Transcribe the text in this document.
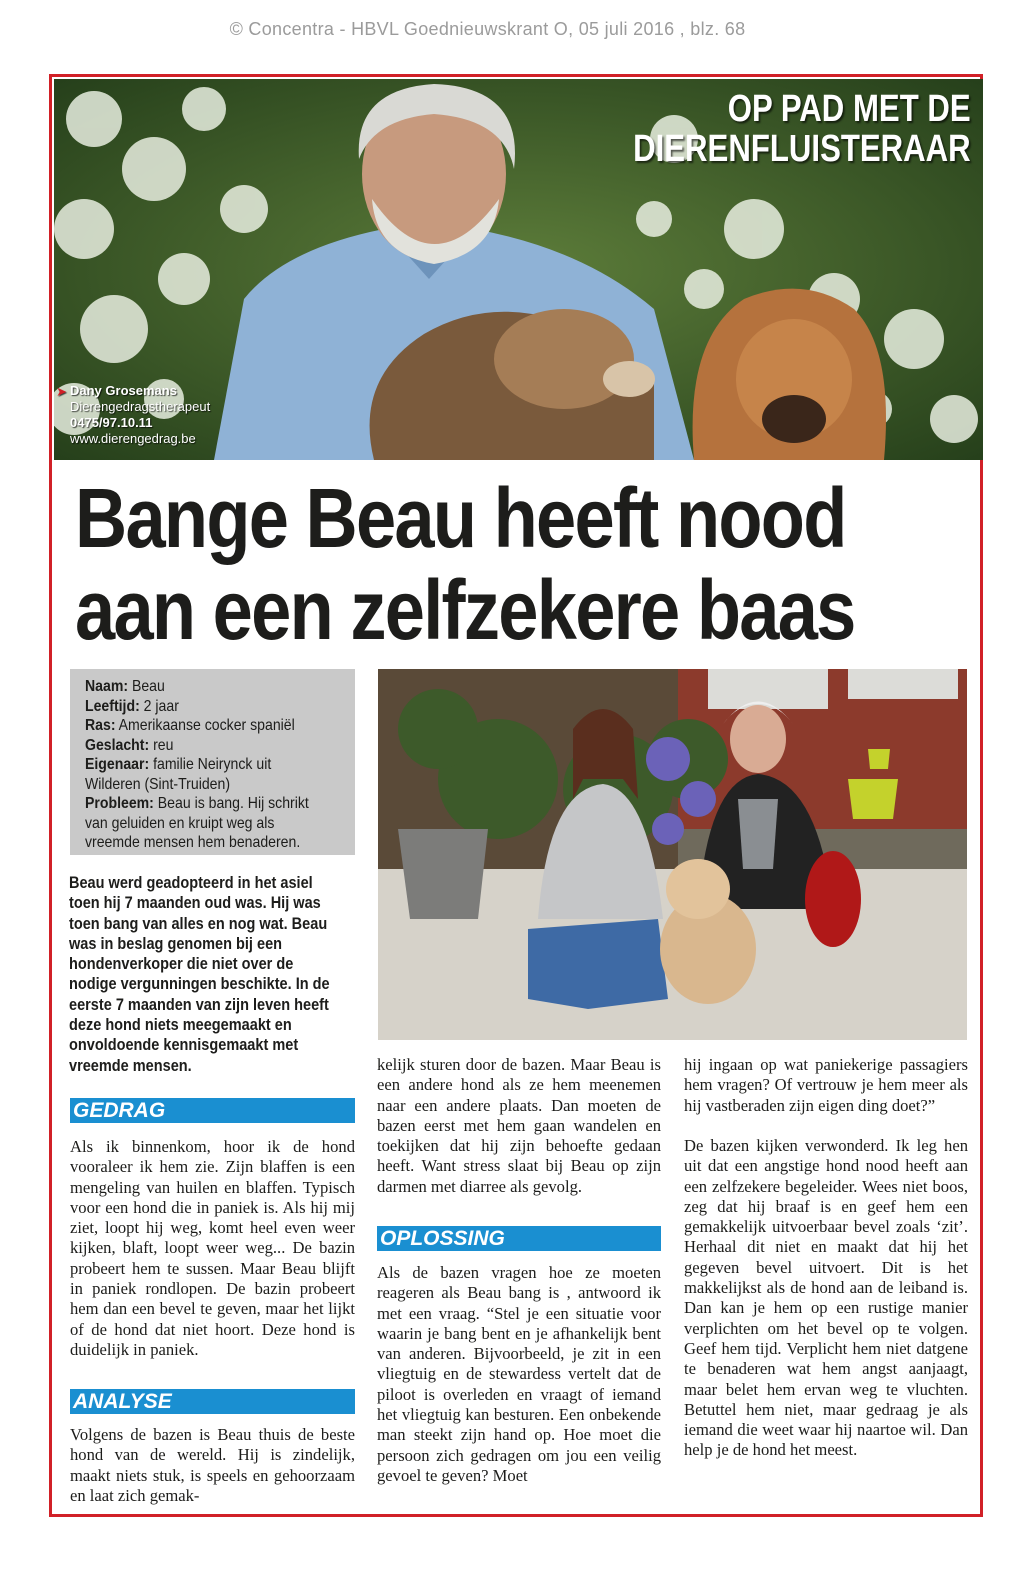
© Concentra - HBVL Goednieuwskrant O, 05 juli 2016 , blz. 68
OP PAD MET DE
DIERENFLUISTERAAR
➤ Dany Grosemans
Dierengedragstherapeut
0475/97.10.11
www.dierengedrag.be
Bange Beau heeft nood
aan een zelfzekere baas
Naam: Beau
Leeftijd: 2 jaar
Ras: Amerikaanse cocker spaniël
Geslacht: reu
Eigenaar: familie Neirynck uit
Wilderen (Sint-Truiden)
Probleem: Beau is bang. Hij schrikt
van geluiden en kruipt weg als
vreemde mensen hem benaderen.
Beau werd geadopteerd in het asiel toen hij 7 maanden oud was. Hij was toen bang van alles en nog wat. Beau was in beslag genomen bij een hondenverkoper die niet over de nodige vergunningen beschikte. In de eerste 7 maanden van zijn leven heeft deze hond niets meegemaakt en onvoldoende kennisgemaakt met vreemde mensen.
GEDRAG
ANALYSE
OPLOSSING
Als ik binnenkom, hoor ik de hond vooraleer ik hem zie. Zijn blaffen is een mengeling van huilen en blaffen. Typisch voor een hond die in paniek is. Als hij mij ziet, loopt hij weg, komt heel even weer kijken, blaft, loopt weer weg... De bazin probeert hem te sussen. Maar Beau blijft in paniek rondlopen. De bazin probeert hem dan een bevel te geven, maar het lijkt of de hond dat niet hoort. Deze hond is duidelijk in paniek.
Volgens de bazen is Beau thuis de beste hond van de wereld. Hij is zindelijk, maakt niets stuk, is speels en gehoorzaam en laat zich gemak-
kelijk sturen door de bazen. Maar Beau is een andere hond als ze hem meenemen naar een andere plaats. Dan moeten de bazen eerst met hem gaan wandelen en toekijken dat hij zijn behoefte gedaan heeft. Want stress slaat bij Beau op zijn darmen met diarree als gevolg.
Als de bazen vragen hoe ze moeten reageren als Beau bang is , antwoord ik met een vraag. “Stel je een situatie voor waarin je bang bent en je afhankelijk bent van anderen. Bijvoorbeeld, je zit in een vliegtuig en de stewardess vertelt dat de piloot is overleden en vraagt of iemand het vliegtuig kan besturen. Een onbekende man steekt zijn hand op. Hoe moet die persoon zich gedragen om jou een veilig gevoel te geven? Moet
hij ingaan op wat paniekerige passagiers hem vragen? Of vertrouw je hem meer als hij vastberaden zijn eigen ding doet?”
De bazen kijken verwonderd. Ik leg hen uit dat een angstige hond nood heeft aan een zelfzekere begeleider. Wees niet boos, zeg dat hij braaf is en geef hem een gemakkelijk uitvoerbaar bevel zoals ‘zit’. Herhaal dit niet en maakt dat hij het gegeven bevel uitvoert. Dit is het makkelijkst als de hond aan de leiband is. Dan kan je hem op een rustige manier verplichten om het bevel op te volgen. Geef hem tijd. Verplicht hem niet datgene te benaderen wat hem angst aanjaagt, maar belet hem ervan weg te vluchten. Betuttel hem niet, maar gedraag je als iemand die weet waar hij naartoe wil. Dan help je de hond het meest.
